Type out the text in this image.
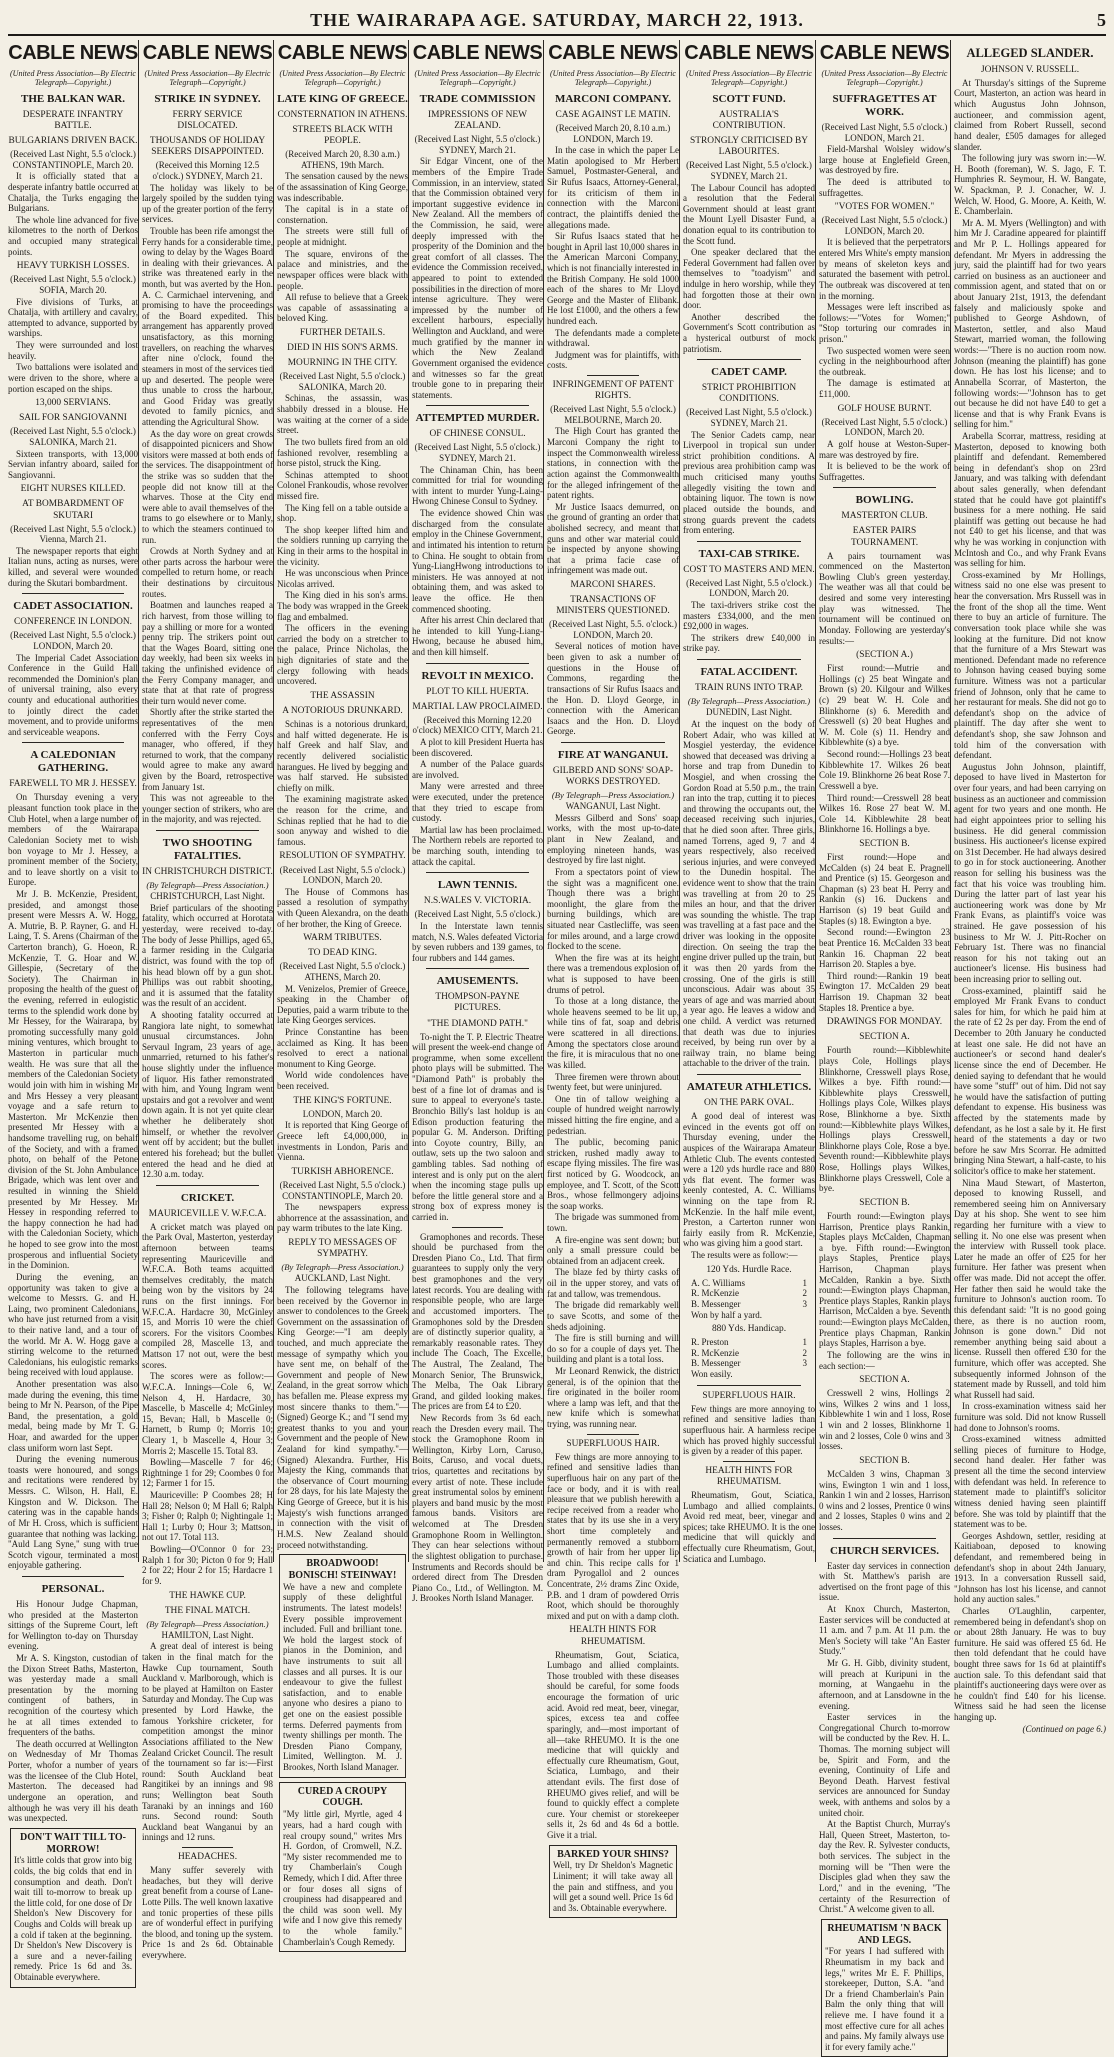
THE WAIRARAPA AGE. SATURDAY, MARCH 22, 1913.	5
CABLE NEWS
(United Press Association—By Electric Telegraph—Copyright.)
THE BALKAN WAR.
DESPERATE INFANTRY BATTLE.
BULGARIANS DRIVEN BACK.

(Received Last Night, 5.5 o'clock.) CONSTANTINOPLE, March 20.

It is officially stated that a desperate infantry battle occurred at Chatalja, the Turks engaging the Bulgarians.

The whole line advanced for five kilometres to the north of Derkos and occupied many strategical points.

HEAVY TURKISH LOSSES.

(Received Last Night, 5.5 o'clock.) SOFIA, March 20.

Five divisions of Turks, at Chatalja, with artillery and cavalry, attempted to advance, supported by warships.

They were surrounded and lost heavily.

Two battalions were isolated and were driven to the shore, where a portion escaped on the ships.

13,000 SERVIANS.
SAIL FOR SANGIOVANNI

(Received Last Night, 5.5 o'clock.) SALONIKA, March 21.

Sixteen transports, with 13,000 Servian infantry aboard, sailed for Sangiovanni.

EIGHT NURSES KILLED.
AT BOMBARDMENT OF SKUTARI

(Received Last Night, 5.5 o'clock.) Vienna, March 21.

The newspaper reports that eight Italian nuns, acting as nurses, were killed, and several were wounded during the Skutari bombardment.

CADET ASSOCIATION.
CONFERENCE IN LONDON.

(Received Last Night, 5.5 o'clock.) LONDON, March 20.

The Imperial Cadet Association Conference in the Guild Hall recommended the Dominion's plan of universal training, also every county and educational authorities to jointly direct the cadet movement, and to provide uniforms and serviceable weapons.

A CALEDONIAN GATHERING.
FAREWELL TO MR J. HESSEY.

On Thursday evening a very pleasant function took place in the Club Hotel, when a large number of members of the Wairarapa Caledonian Society met to wish bon voyage to Mr J. Hessey, a prominent member of the Society, and to leave shortly on a visit to Europe.

Mr J. B. McKenzie, President, presided, and amongst those present were Messrs A. W. Hogg, A. Mutrie, B. P. Rayner, G. and H. Laing, T. S. Arens (Chairman of the Carterton branch), G. Hoeon, R. McKenzie, T. G. Hoar and W. Gillespie, (Secretary of the Society). The Chairman in proposing the health of the guest of the evening, referred in eulogistic terms to the splendid work done by Mr Hessey, for the Wairarapa, by promoting successfully many gold mining ventures, which brought to Masterton in particular much wealth. He was sure that all the members of the Caledonian Society would join with him in wishing Mr and Mrs Hessey a very pleasant voyage and a safe return to Masterton. Mr McKenzie then presented Mr Hessey with a handsome travelling rug, on behalf of the Society, and with a framed photo, on behalf of the Petone division of the St. John Ambulance Brigade, which was lent over and resulted in winning the Shield presented by Mr Hessey. Mr Hessey in responding referred to the happy connection he had had with the Caledonian Society, which he hoped to see grow into the most prosperous and influential Society in the Dominion.

During the evening, an opportunity was taken to give a welcome to Messrs. G. and H. Laing, two prominent Caledonians, who have just returned from a visit to their native land, and a tour of the world. Mr A. W. Hogg gave a stirring welcome to the returned Caledonians, his eulogistic remarks being received with loud applause.

Another presentation was also made during the evening, this time being to Mr N. Pearson, of the Pipe Band, the presentation, a gold medal, being made by Mr T. G. Hoar, and awarded for the upper class uniform worn last Sept.

During the evening numerous toasts were honoured, and songs and recitations were rendered by Messrs. C. Wilson, H. Hall, E. Kingston and W. Dickson. The catering was in the capable hands of Mr H. Cross, which is sufficient guarantee that nothing was lacking. "Auld Lang Syne," sung with true Scotch vigour, terminated a most enjoyable gathering.

PERSONAL.

His Honour Judge Chapman, who presided at the Masterton sittings of the Supreme Court, left for Wellington to-day on Thursday evening.

Mr A. S. Kingston, custodian of the Dixon Street Baths, Masterton, was yesterday made a small presentation by the morning contingent of bathers, in recognition of the courtesy which he at all times extended to frequenters of the baths.

The death occurred at Wellington on Wednesday of Mr Thomas Porter, whofor a number of years was the licensee of the Club Hotel, Masterton. The deceased had undergone an operation, and although he was very ill his death was unexpected.

DON'T WAIT TILL TO-MORROW!

It's little colds that grow into big colds, the big colds that end in consumption and death. Don't wait till to-morrow to break up the little cold, for one dose of Dr Sheldon's New Discovery for Coughs and Colds will break up a cold if taken at the beginning. Dr Sheldon's New Discovery is a sure and a never-failing remedy. Price 1s 6d and 3s. Obtainable everywhere.

CABLE NEWS
(United Press Association—By Electric Telegraph—Copyright.)
STRIKE IN SYDNEY.
FERRY SERVICE DISLOCATED.
THOUSANDS OF HOLIDAY SEEKERS DISAPPOINTED.

(Received this Morning 12.5 o'clock.) SYDNEY, March 21.

The holiday was likely to be largely spoiled by the sudden tying up of the greater portion of the ferry services.

Trouble has been rife amongst the Ferry hands for a considerable time, owing to delay by the Wages Board in dealing with their grievances. A strike was threatened early in the month, but was averted by the Hon. A. C. Carmichael intervening, and promising to have the proceedings of the Board expedited. This arrangement has apparently proved unsatisfactory, as this morning travellers, on reaching the wharves after nine o'clock, found the steamers in most of the services tied up and deserted. The people were thus unable to cross the harbour, and Good Friday was greatly devoted to family picnics, and attending the Agricultural Show.

As the day wore on great crowds of disappointed picnicers and Show visitors were massed at both ends of the services. The disappointment of the strike was so sudden that the people did not know till at the wharves. Those at the City end were able to avail themselves of the trams to go elsewhere or to Manly, to which the steamers continued to run.

Crowds at North Sydney and at other parts across the harbour were compelled to return home, or reach their destinations by circuitous routes.

Boatmen and launches reaped a rich harvest, from those willing to pay a shilling or more for a wonted penny trip. The strikers point out that the Wages Board, sitting one day weekly, had been six weeks in taking the unfinished evidence of the Ferry Company manager, and state that at that rate of progress their turn would never come.

Shortly after the strike started the representatives of the men conferred with the Ferry Coys manager, who offered, if they returned to work, that the company would agree to make any award given by the Board, retrospective from January 1st.

This was not agreeable to the younger section of strikers, who are in the majority, and was rejected.

TWO SHOOTING FATALITIES.
IN CHRISTCHURCH DISTRICT.

(By Telegraph—Press Association.)

CHRISTCHURCH, Last Night.

Brief particulars of the shooting fatality, which occurred at Horotata yesterday, were received to-day. The body of Jesse Phillips, aged 65, a farmer residing in the Culgaria district, was found with the top of his head blown off by a gun shot. Phillips was out rabbit shooting, and it is assumed that the fatality was the result of an accident.

A shooting fatality occurred at Rangiora late night, to somewhat unusual circumstances. John Servaul Ingram, 23 years of age, unmarried, returned to his father's house slightly under the influence of liquor. His father remonstrated with him, and Young Ingram went upstairs and got a revolver and went down again. It is not yet quite clear whether he deliberately shot himself, or whether the revolver went off by accident; but the bullet entered his forehead; but the bullet entered the head and he died at 12.30 a.m. today.

CRICKET.
MAURICEVILLE V. W.F.C.A.

A cricket match was played on the Park Oval, Masterton, yesterday afternoon between teams representing Mauriceville and W.F.C.A. Both teams acquitted themselves creditably, the match being won by the visitors by 24 runs on the first innings. For W.F.C.A. Hardacre 30, McGinley 15, and Morris 10 were the chief scorers. For the visitors Coombes compiled 28, Mascelle 13, and Mattson 17 not out, were the best scores.

The scores were as follow:—W.F.C.A. Innings—Cole 6, W. Nelson 4, H. Hardacre, 30, Mascelle, b Mascelle 4; McGinley 15, Bevan; Hall, b Mascelle 0; Harnett, b Rump 0; Morris 10; Cleary 1, b Mascelle 4, Hour 3; Morris 2; Mascelle 15. Total 83.

Bowling—Mascelle 7 for 46; Rightninge 1 for 29; Coombes 0 for 12; Farmer 1 for 15.

Mauriceville: P Coombes 28; H Hall 28; Nelson 0; M Hall 6; Ralph 3; Fisher 0; Ralph 0; Nightingale 1; Hall 1; Lurby 0; Hour 3; Mattson, not out 17. Total 113.

Bowling—O'Connor 0 for 23; Ralph 1 for 30; Picton 0 for 9; Hall 2 for 22; Hour 2 for 15; Hardacre 1 for 9.

THE HAWKE CUP.
THE FINAL MATCH.

(By Telegraph—Press Association.)

HAMILTON, Last Night.

A great deal of interest is being taken in the final match for the Hawke Cup tournament, South Auckland v. Marlborough, which is to be played at Hamilton on Easter Saturday and Monday. The Cup was presented by Lord Hawke, the famous Yorkshire cricketer, for competition amongst the minor Associations affiliated to the New Zealand Cricket Council. The result of the tournament so far is:—First round: South Auckland beat Rangitikei by an innings and 98 runs; Wellington beat South Taranaki by an innings and 160 runs. Second round: South Auckland beat Wanganui by an innings and 12 runs.

HEADACHES.

Many suffer severely with headaches, but they will derive great benefit from a course of Lane-Lotte Pills. The well known laxative and tonic properties of these pills are of wonderful effect in purifying the blood, and toning up the system. Price 1s and 2s 6d. Obtainable everywhere.

CABLE NEWS
(United Press Association—By Electric Telegraph—Copyright.)
LATE KING OF GREECE.
CONSTERNATION IN ATHENS.
STREETS BLACK WITH PEOPLE.

(Received March 20, 8.30 a.m.) ATHENS, 19th March.

The sensation caused by the news of the assassination of King George, was indescribable.

The capital is in a state of consternation.

The streets were still full of people at midnight.

The square, environs of the palace and ministries, and the newspaper offices were black with people.

All refuse to believe that a Greek was capable of assassinating a beloved King.

FURTHER DETAILS.
DIED IN HIS SON'S ARMS.
MOURNING IN THE CITY.

(Received Last Night, 5.5 o'clock.) SALONIKA, March 20.

Schinas, the assassin, was shabbily dressed in a blouse. He was waiting at the corner of a side street.

The two bullets fired from an old fashioned revolver, resembling a horse pistol, struck the King.

Schinas attempted to shoot Colonel Frankoudis, whose revolver missed fire.

The King fell on a table outside a shop.

The shop keeper lifted him and the soldiers running up carrying the King in their arms to the hospital in the vicinity.

He was unconscious when Prince Nicolas arrived.

The King died in his son's arms. The body was wrapped in the Greek flag and embalmed.

The officers in the evening carried the body on a stretcher to the palace, Prince Nicholas, the high dignitaries of state and the clergy following with heads uncovered.

THE ASSASSIN
A NOTORIOUS DRUNKARD.

Schinas is a notorious drunkard, and half witted degenerate. He is half Greek and half Slav, and recently delivered socialistic harangues. He lived by begging and was half starved. He subsisted chiefly on milk.

The examining magistrate asked the reason for the crime, and Schinas replied that he had to die soon anyway and wished to die famous.

RESOLUTION OF SYMPATHY.

(Received Last Night, 5.5 o'clock.) LONDON, March 20.

The House of Commons has passed a resolution of sympathy with Queen Alexandra, on the death of her brother, the King of Greece.

WARM TRIBUTES.
TO DEAD KING.

(Received Last Night, 5.5 o'clock.) ATHENS, March 20.

M. Venizelos, Premier of Greece, speaking in the Chamber of Deputies, paid a warm tribute to the late King Georges services.

Prince Constantine has been acclaimed as King. It has been resolved to erect a national monument to King George.

World wide condolences have been received.

THE KING'S FORTUNE.

LONDON, March 20.

It is reported that King George of Greece left £4,000,000, in investments in London, Paris and Vienna.

TURKISH ABHORENCE.

(Received Last Night, 5.5 o'clock.) CONSTANTINOPLE, March 20.

The newspapers express abhorrence at the assassination, and pay warm tributes to the late King.

REPLY TO MESSAGES OF SYMPATHY.

(By Telegraph—Press Association.)

AUCKLAND, Last Night.

The following telegrams have been received by the Governor in answer to condolences to the Greek Government on the assassination of King George:—"I am deeply touched, and much appreciate the message of sympathy which you have sent me, on behalf of the Government and people of New Zealand, in the great sorrow which has befallen me. Please express my most sincere thanks to them."—(Signed) George K.; and "I send my greatest thanks to you and your Government and the people of New Zealand for kind sympathy."—(Signed) Alexandra. Further, His Majesty the King, commands that the observance of Court mourning for 28 days, for his late Majesty the King George of Greece, but it is his Majesty's wish functions arranged in connection with the visit of H.M.S. New Zealand should proceed notwithstanding.

BROADWOOD! BONISCH! STEINWAY!

We have a new and complete supply of these delightful instruments. The latest models! Every possible improvement included. Full and brilliant tone. We hold the largest stock of pianos in the Dominion, and have instruments to suit all classes and all purses. It is our endeavour to give the fullest satisfaction, and to enable anyone who desires a piano to get one on the easiest possible terms. Deferred payments from twenty shillings per month. The Dresden Piano Company, Limited, Wellington. M. J. Brookes, North Island Manager.

CURED A CROUPY COUGH.

"My little girl, Myrtle, aged 4 years, had a hard cough with real croupy sound," writes Mrs H. Gordon, of Cromwell, N.Z. "My sister recommended me to try Chamberlain's Cough Remedy, which I did. After three or four doses all signs of croupiness had disappeared and the child was soon well. My wife and I now give this remedy to the whole family." Chamberlain's Cough Remedy.

CABLE NEWS
(United Press Association—By Electric Telegraph—Copyright.)
TRADE COMMISSION
IMPRESSIONS OF NEW ZEALAND.

(Received Last Night, 5.5 o'clock.) SYDNEY, March 21.

Sir Edgar Vincent, one of the members of the Empire Trade Commission, in an interview, stated that the Commission obtained very important suggestive evidence in New Zealand. All the members of the Commission, he said, were deeply impressed with the prosperity of the Dominion and the great comfort of all classes. The evidence the Commission received, appeared to point to extended possibilities in the direction of more intense agriculture. They were impressed by the number of excellent harbours, especially Wellington and Auckland, and were much gratified by the manner in which the New Zealand Government organised the evidence and witnesses so far the great trouble gone to in preparing their statements.

ATTEMPTED MURDER.
OF CHINESE CONSUL.

(Received Last Night, 5.5 o'clock.) SYDNEY, March 21.

The Chinaman Chin, has been committed for trial for wounding with intent to murder Yung-Laing-Hwong Chinese Consul to Sydney.

The evidence showed Chin was discharged from the consulate employ in the Chinese Government, and intimated his intention to return to China. He sought to obtain from Yung-LiangHwong introductions to ministers. He was annoyed at not obtaining them, and was asked to leave the office. He then commenced shooting.

After his arrest Chin declared that he intended to kill Yung-Liang-Hwong, because he abused him, and then kill himself.

REVOLT IN MEXICO.
PLOT TO KILL HUERTA.
MARTIAL LAW PROCLAIMED.

(Received this Morning 12.20 o'clock) MEXICO CITY, March 21.

A plot to kill President Huerta has been discovered.

A number of the Palace guards are involved.

Many were arrested and three were executed, under the pretence that they tried to escape from custody.

Martial law has been proclaimed. The Northern rebels are reported to be marching south, intending to attack the capital.

LAWN TENNIS.
N.S.WALES V. VICTORIA.

(Received Last Night, 5.5 o'clock.)

In the Interstate lawn tennis match, N.S. Wales defeated Victoria by seven rubbers and 139 games, to four rubbers and 144 games.

AMUSEMENTS.
THOMPSON-PAYNE PICTURES.
"THE DIAMOND PATH."

To-night the T. P. Electric Theatre will present the week-end change of programme, when some excellent photo plays will be submitted. The "Diamond Path" is probably the best of a fine lot of dramas and is sure to appeal to everyone's taste. Bronchio Billy's last holdup is an Edison production featuring the popular G. M. Anderson. Drifting into Coyote country, Billy, an outlaw, sets up the two saloon and gambling tables. Sad nothing of interest and is only put on the alert when the incoming stage pulls up before the little general store and a strong box of express money is carried in.

Gramophones and records. These should be purchased from the Dresden Piano Co., Ltd. That firm guarantees to supply only the very best gramophones and the very latest records. You are dealing with responsible people, who are large and accustomed importers. The Gramophones sold by the Dresden are of distinctly superior quality, a remarkably reasonable rates. They include The Coach, The Excelle, The Austral, The Zealand, The Monarch Senior, The Brunswick, The Melba, The Oak Library Grand, and gilded looking makes. The prices are from £4 to £20.

New Records from 3s 6d each, reach the Dresden every mail. The stock the Gramophone Room in Wellington, Kirby Lorn, Caruso, Boits, Caruso, and vocal duets, trios, quartettes and recitations by every artist of note. These include great instrumental solos by eminent players and band music by the most famous bands. Visitors are welcomed at The Dresden Gramophone Room in Wellington. They can hear selections without the slightest obligation to purchase. Instruments and Records should be ordered direct from The Dresden Piano Co., Ltd., of Wellington. M. J. Brookes North Island Manager.

CABLE NEWS
(United Press Association—By Electric Telegraph—Copyright.)
MARCONI COMPANY.
CASE AGAINST LE MATIN.

(Received March 20, 8.10 a.m.) LONDON, March 19.

In the case in which the paper Le Matin apologised to Mr Herbert Samuel, Postmaster-General, and Sir Rufus Isaacs, Attorney-General, for its criticism of them in connection with the Marconi contract, the plaintiffs denied the allegations made.

Sir Rufus Isaacs stated that he bought in April last 10,000 shares in the American Marconi Company, which is not financially interested in the British Company. He sold 1000 each of the shares to Mr Lloyd George and the Master of Elibank. He lost £1000, and the others a few hundred each.

The defendants made a complete withdrawal.

Judgment was for plaintiffs, with costs.

INFRINGEMENT OF PATENT RIGHTS.

(Received Last Night, 5.5 o'clock.) MELBOURNE, March 20.

The High Court has granted the Marconi Company the right to inspect the Commonwealth wireless stations, in connection with the action against the Commonwealth for the alleged infringement of the patent rights.

Mr Justice Isaacs demurred, on the ground of granting an order that abolished secrecy, and meant that guns and other war material could be inspected by anyone showing that a prima facie case of infringement was made out.

MARCONI SHARES.
TRANSACTIONS OF MINISTERS QUESTIONED.

(Received Last Night, 5.5. o'clock.) LONDON, March 20.

Several notices of motion have been given to ask a number of questions in the House of Commons, regarding the transactions of Sir Rufus Isaacs and the Hon. D. Lloyd George, in connection with the American Isaacs and the Hon. D. Lloyd George.

FIRE AT WANGANUI.
GILBERD AND SONS' SOAP-WORKS DESTROYED.

(By Telegraph—Press Association.)

WANGANUI, Last Night.

Messrs Gilberd and Sons' soap works, with the most up-to-date plant in New Zealand, and employing nineteen hands, was destroyed by fire last night.

From a spectators point of view the sight was a magnificent one. Though there was a bright moonlight, the glare from the burning buildings, which are situated near Castlecliffe, was seen for miles around, and a large crowd flocked to the scene.

When the fire was at its height there was a tremendous explosion of what is supposed to have been drums of petrol.

To those at a long distance, the whole heavens seemed to be lit up, while tins of fat, soap and debris were scattered in all directions. Among the spectators close around the fire, it is miraculous that no one was killed.

Three firemen were thrown about twenty feet, but were uninjured.

One tin of tallow weighing a couple of hundred weight narrowly missed hitting the fire engine, and a pedestrian.

The public, becoming panic stricken, rushed madly away to escape flying missiles. The fire was first noticed by G. Woodcock, an employee, and T. Scott, of the Scott Bros., whose fellmongery adjoins the soap works.

The brigade was summoned from town.

A fire-engine was sent down; but only a small pressure could be obtained from an adjacent creek.

The blaze fed by thirty casks of oil in the upper storey, and vats of fat and tallow, was tremendous.

The brigade did remarkably well to save Scotts, and some of the sheds adjoining.

The fire is still burning and will do so for a couple of days yet. The building and plant is a total loss.

Mr Leonard Renwick, the district general, is of the opinion that the fire originated in the boiler room where a lamp was left, and that the new knife which is somewhat trying, was running near.

SUPERFLUOUS HAIR.

Few things are more annoying to refined and sensitive ladies than superfluous hair on any part of the face or body, and it is with real pleasure that we publish herewith a recipe received from a reader who states that by its use she in a very short time completely and permanently removed a stubborn growth of hair from her upper lip and chin. This recipe calls for 1 dram Pyrogallol and 2 ounces Concentrate, 2½ drams Zinc Oxide, P.B. and 1 dram of powdered Orris Root, which should be thoroughly mixed and put on with a damp cloth.

HEALTH HINTS FOR RHEUMATISM.

Rheumatism, Gout, Sciatica, Lumbago and allied complaints. Those troubled with these diseases should be careful, for some foods encourage the formation of uric acid. Avoid red meat, beer, vinegar, spices, excess tea and coffee sparingly, and—most important of all—take RHEUMO. It is the one medicine that will quickly and effectually cure Rheumatism, Gout, Sciatica, Lumbago, and their attendant evils. The first dose of RHEUMO gives relief, and will be found to quickly effect a complete cure. Your chemist or storekeeper sells it, 2s 6d and 4s 6d a bottle. Give it a trial.

BARKED YOUR SHINS?

Well, try Dr Sheldon's Magnetic Liniment; it will take away all the pain and stiffness, and you will get a sound well. Price 1s 6d and 3s. Obtainable everywhere.

CABLE NEWS
(United Press Association—By Electric Telegraph—Copyright.)
SCOTT FUND.
AUSTRALIA'S CONTRIBUTION.
STRONGLY CRITICISED BY LABOURITES.

(Received Last Night, 5.5 o'clock.) SYDNEY, March 21.

The Labour Council has adopted a resolution that the Federal Government should at least grant the Mount Lyell Disaster Fund, a donation equal to its contribution to the Scott fund.

One speaker declared that the Federal Government had fallen over themselves to "toadyism" and indulge in hero worship, while they had forgotten those at their own door.

Another described the Government's Scott contribution as a hysterical outburst of mock patriotism.

CADET CAMP.
STRICT PROHIBITION CONDITIONS.

(Received Last Night, 5.5 o'clock.) SYDNEY, March 21.

The Senior Cadets camp, near Liverpool in tropical sun under strict prohibition conditions. A previous area prohibition camp was much criticised many youths allegedly visiting the town and obtaining liquor. The town is now placed outside the bounds, and strong guards prevent the cadets from entering.

TAXI-CAB STRIKE.
COST TO MASTERS AND MEN.

(Received Last Night, 5.5 o'clock.) LONDON, March 20.

The taxi-drivers strike cost the masters £334,000, and the men £92,000 in wages.

The strikers drew £40,000 in strike pay.

FATAL ACCIDENT.
TRAIN RUNS INTO TRAP.

(By Telegraph—Press Association.)

DUNEDIN, Last Night.

At the inquest on the body of Robert Adair, who was killed at Mosgiel yesterday, the evidence showed that deceased was driving a horse and trap from Dunedin to Mosgiel, and when crossing the Gordon Road at 5.50 p.m., the train ran into the trap, cutting it to pieces and throwing the occupants out, the deceased receiving such injuries, that he died soon after. Three girls, named Torrens, aged 9, 7 and 4 years respectively, also received serious injuries, and were conveyed to the Dunedin hospital. The evidence went to show that the train was travelling at from 20 to 25 miles an hour, and that the driver was sounding the whistle. The trap was travelling at a fast pace and the driver was looking in the opposite direction. On seeing the trap the engine driver pulled up the train, but it was then 20 yards from the crossing. One of the girls is still unconscious. Adair was about 35 years of age and was married about a year ago. He leaves a widow and one child. A verdict was returned that death was due to injuries received, by being run over by a railway train, no blame being attachable to the driver of the train.

AMATEUR ATHLETICS.
ON THE PARK OVAL.

A good deal of interest was evinced in the events got off on Thursday evening, under the auspices of the Wairarapa Amateur Athletic Club. The events contested were a 120 yds hurdle race and 880 yds flat event. The former was keenly contested, A. C. Williams winning on the tape from R. McKenzie. In the half mile event, Preston, a Carterton runner won fairly easily from R. McKenzie, who was giving him a good start.

The results were as follow:—

120 Yds. Hurdle Race.
A. C. Williams	1
R. McKenzie	2
B. Messenger	3

Won by half a yard.

880 Yds. Handicap.
R. Preston	1
R. McKenzie	2
B. Messenger	3

Won easily.

SUPERFLUOUS HAIR.

Few things are more annoying to refined and sensitive ladies than superfluous hair. A harmless recipe which has proved highly successful is given by a reader of this paper.

HEALTH HINTS FOR RHEUMATISM.

Rheumatism, Gout, Sciatica, Lumbago and allied complaints. Avoid red meat, beer, vinegar and spices; take RHEUMO. It is the one medicine that will quickly and effectually cure Rheumatism, Gout, Sciatica and Lumbago.

CABLE NEWS
(United Press Association—By Electric Telegraph—Copyright.)
SUFFRAGETTES AT WORK.

(Received Last Night, 5.5 o'clock.) LONDON, March 21.

Field-Marshal Wolsley widow's large house at Englefield Green, was destroyed by fire.

The deed is attributed to suffragettes.

"VOTES FOR WOMEN."

(Received Last Night, 5.5 o'clock.) LONDON, March 20.

It is believed that the perpetrators entered Mrs White's empty mansion by means of skeleton keys and saturated the basement with petrol. The outbreak was discovered at ten in the morning.

Messages were left inscribed as follows:—"Votes for Women;" "Stop torturing our comrades in prison."

Two suspected women were seen cycling in the neighbourhood after the outbreak.

The damage is estimated at £11,000.

GOLF HOUSE BURNT.

(Received Last Night, 5.5 o'clock.) LONDON, March 20.

A golf house at Weston-Super-mare was destroyed by fire.

It is believed to be the work of Suffragettes.

BOWLING.
MASTERTON CLUB.
EASTER PAIRS TOURNAMENT.

A pairs tournament was commenced on the Masterton Bowling Club's green yesterday. The weather was all that could be desired and some very interesting play was witnessed. The tournament will be continued on Monday. Following are yesterday's results:—

(SECTION A.)

First round:—Mutrie and Hollings (c) 25 beat Wingate and Brown (s) 20. Kilgour and Wilkes (c) 29 beat W. H. Cole and Blinkhorne (s) 6. Meredith and Cresswell (s) 20 beat Hughes and W. M. Cole (s) 11. Hendry and Kibblewhite (s) a bye.

Second round:—Hollings 23 beat Kibblewhite 17. Wilkes 26 beat Cole 19. Blinkhorne 26 beat Rose 7. Cresswell a bye.

Third round:—Cresswell 28 beat Wilkes 16. Rose 27 beat W. M. Cole 14. Kibblewhite 28 beat Blinkhorne 16. Hollings a bye.

SECTION B.

First round:—Hope and McCalden (s) 24 beat E. Pragnell and Prentice (s) 15. Georgeson and Chapman (s) 23 beat H. Perry and Rankin (s) 16. Duckens and Harrison (s) 19 beat Guild and Staples (s) 18. Ewington a bye.

Second round:—Ewington 23 beat Prentice 16. McCalden 33 beat Rankin 16. Chapman 22 beat Harrison 20. Staples a bye.

Third round:—Rankin 19 beat Ewington 17. McCalden 29 beat Harrison 19. Chapman 32 beat Staples 18. Prentice a bye.

DRAWINGS FOR MONDAY.
SECTION A.

Fourth round:—Kibblewhite plays Cole, Hollings plays Blinkhorne, Cresswell plays Rose, Wilkes a bye. Fifth round:—Kibblewhite plays Cresswell, Hollings plays Cole, Wilkes plays Rose, Blinkhorne a bye. Sixth round:—Kibblewhite plays Wilkes, Hollings plays Cresswell, Blinkhorne plays Cole, Rose a bye. Seventh round:—Kibblewhite plays Rose, Hollings plays Wilkes, Blinkhorne plays Cresswell, Cole a bye.

SECTION B.

Fourth round:—Ewington plays Harrison, Prentice plays Rankin, Staples plays McCalden, Chapman a bye. Fifth round:—Ewington plays Staples, Prentice plays Harrison, Chapman plays McCalden, Rankin a bye. Sixth round:—Ewington plays Chapman, Prentice plays Staples, Rankin plays Harrison, McCalden a bye. Seventh round:—Ewington plays McCalden, Prentice plays Chapman, Rankin plays Staples, Harrison a bye.

The following are the wins in each section:—

SECTION A.

Cresswell 2 wins, Hollings 2 wins, Wilkes 2 wins and 1 loss, Kibblewhite 1 win and 1 loss, Rose 1 win and 2 losses, Blinkhorne 1 win and 2 losses, Cole 0 wins and 3 losses.

SECTION B.

McCalden 3 wins, Chapman 3 wins, Ewington 1 win and 1 loss, Rankin 1 win and 2 losses, Harrison 0 wins and 2 losses, Prentice 0 wins and 2 losses, Staples 0 wins and 2 losses.

CHURCH SERVICES.

Easter day services in connection with St. Matthew's parish are advertised on the front page of this issue.

At Knox Church, Masterton, Easter services will be conducted at 11 a.m. and 7 p.m. At 11 p.m. the Men's Society will take "An Easter Study."

Mr G. H. Gibb, divinity student, will preach at Kuripuni in the morning, at Wangaehu in the afternoon, and at Lansdowne in the evening.

Easter services in the Congregational Church to-morrow will be conducted by the Rev. H. L. Thomas. The morning subject will be, Spirit and Form, and the evening, Continuity of Life and Beyond Death. Harvest festival services are announced for Sunday week, with anthems and solos by a united choir.

At the Baptist Church, Murray's Hall, Queen Street, Masterton, to-day the Rev. R. Sylvester conducts, both services. The subject in the morning will be "Then were the Disciples glad when they saw the Lord," and in the evening, "The certainty of the Resurrection of Christ." A welcome given to all.

RHEUMATISM 'N BACK AND LEGS.

"For years I had suffered with Rheumatism in my back and legs," writes Mr E. F. Phillips, storekeeper, Dutton, S.A. "and Dr a friend Chamberlain's Pain Balm the only thing that will relieve me. I have found it a most effective cure for all aches and pains. My family always use it for every family ache."

ALLEGED SLANDER.
JOHNSON V. RUSSELL.

At Thursday's sittings of the Supreme Court, Masterton, an action was heard in which Augustus John Johnson, auctioneer, and commission agent, claimed from Robert Russell, second hand dealer, £505 damages for alleged slander.

The following jury was sworn in:—W. H. Booth (foreman), W. S. Jago, F. T. Humphries R. Seymour, H. W. Bangate, W. Spackman, P. J. Conacher, W. J. Welch, W. Hood, G. Moore, A. Keith, W. E. Chamberlain.

Mr A. M. Myers (Wellington) and with him Mr J. Caradine appeared for plaintiff and Mr P. L. Hollings appeared for defendant. Mr Myers in addressing the jury, said the plaintiff had for two years carried on business as an auctioneer and commission agent, and stated that on or about January 21st, 1913, the defendant falsely and maliciously spoke and published to George Ashdown, of Masterton, settler, and also Maud Stewart, married woman, the following words:—"There is no auction room now. Johnson (meaning the plaintiff) has gone down. He has lost his license; and to Annabella Scorrar, of Masterton, the following words:—"Johnson has to get out because he did not have £40 to get a license and that is why Frank Evans is selling for him."

Arabella Scorrar, mattress, residing at Masterton, deposed to knowing both plaintiff and defendant. Remembered being in defendant's shop on 23rd January, and was talking with defendant about sales generally, when defendant stated that he could have got plaintiff's business for a mere nothing. He said plaintiff was getting out because he had not £40 to get his license, and that was why he was working in conjunction with McIntosh and Co., and why Frank Evans was selling for him.

Cross-examined by Mr Hollings, witness said no one else was present to hear the conversation. Mrs Russell was in the front of the shop all the time. Went there to buy an article of furniture. The conversation took place while she was looking at the furniture. Did not know that the furniture of a Mrs Stewart was mentioned. Defendant made no reference to Johnson having ceased buying some furniture. Witness was not a particular friend of Johnson, only that he came to her restaurant for meals. She did not go to defendant's shop on the advice of plaintiff. The day after she went to defendant's shop, she saw Johnson and told him of the conversation with defendant.

Augustus John Johnson, plaintiff, deposed to have lived in Masterton for over four years, and had been carrying on business as an auctioneer and commission agent for two years and one month. He had eight appointees prior to selling his business. He did general commission business. His auctioneer's license expired on 31st December. He had always desired to go in for stock auctioneering. Another reason for selling his business was the fact that his voice was troubling him. During the latter part of last year his auctioneering work was done by Mr Frank Evans, as plaintiff's voice was strained. He gave possession of his business to Mr W. J. Pitt-Rocher on February 1st. There was no financial reason for his not taking out an auctioneer's license. His business had been increasing prior to selling out.

Cross-examined, plaintiff said he employed Mr Frank Evans to conduct sales for him, for which he paid him at the rate of £2 2s per day. From the end of December to 20th January he conducted at least one sale. He did not have an auctioneer's or second hand dealer's license since the end of December. He denied saying to defendant that he would have some "stuff" out of him. Did not say he would have the satisfaction of putting defendant to expense. His business was affected by the statements made by defendant, as he lost a sale by it. He first heard of the statements a day or two before he saw Mrs Scorrar. He admitted bringing Nina Stewart, a half-caste, to his solicitor's office to make her statement.

Nina Maud Stewart, of Masterton, deposed to knowing Russell, and remembered seeing him on Anniversary Day at his shop. She went to see him regarding her furniture with a view to selling it. No one else was present when the interview with Russell took place. Later he made an offer of £25 for her furniture. Her father was present when offer was made. Did not accept the offer. Her father then said he would take the furniture to Johnson's auction room. To this defendant said: "It is no good going there, as there is no auction room, Johnson is gone down." Did not remember anything being said about a license. Russell then offered £30 for the furniture, which offer was accepted. She subsequently informed Johnson of the statement made by Russell, and told him what Russell had said.

In cross-examination witness said her furniture was sold. Did not know Russell had done to Johnson's rooms.

Cross-examined witness admitted selling pieces of furniture to Hodge, second hand dealer. Her father was present all the time the second interview with defendant was held. In reference to statement made to plaintiff's solicitor witness denied having seen plaintiff before. She was told by plaintiff that the statement was to be.

Georges Ashdown, settler, residing at Kaitiaboan, deposed to knowing defendant, and remembered being in defendant's shop in about 24th January, 1913. In a conversation Russell said, "Johnson has lost his license, and cannot hold any auction sales."

Charles O'Laughlin, carpenter, remembered being in defendant's shop on or about 28th January. He was to buy furniture. He said was offered £5 6d. He then told defendant that he could have bought three saws for 1s 6d at plaintiff's auction sale. To this defendant said that plaintiff's auctioneering days were over as he couldn't find £40 for his license. Witness said he had seen the license hanging up.

(Continued on page 6.)
